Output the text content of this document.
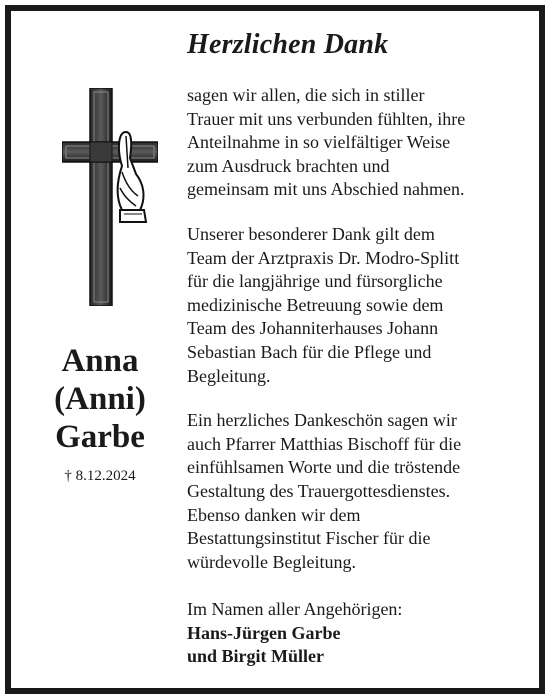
Herzlichen Dank
Anna
(Anni)
Garbe
† 8.12.2024

sagen wir allen, die sich in stiller
Trauer mit uns verbunden fühlten, ihre
Anteilnahme in so vielfältiger Weise
zum Ausdruck brachten und
gemeinsam mit uns Abschied nahmen.

Unserer besonderer Dank gilt dem
Team der Arztpraxis Dr. Modro-Splitt
für die langjährige und fürsorgliche
medizinische Betreuung sowie dem
Team des Johanniterhauses Johann
Sebastian Bach für die Pflege und
Begleitung.

Ein herzliches Dankeschön sagen wir
auch Pfarrer Matthias Bischoff für die
einfühlsamen Worte und die tröstende
Gestaltung des Trauergottesdienstes.
Ebenso danken wir dem
Bestattungsinstitut Fischer für die
würdevolle Begleitung.

Im Namen aller Angehörigen:
Hans-Jürgen Garbe
und Birgit Müller
